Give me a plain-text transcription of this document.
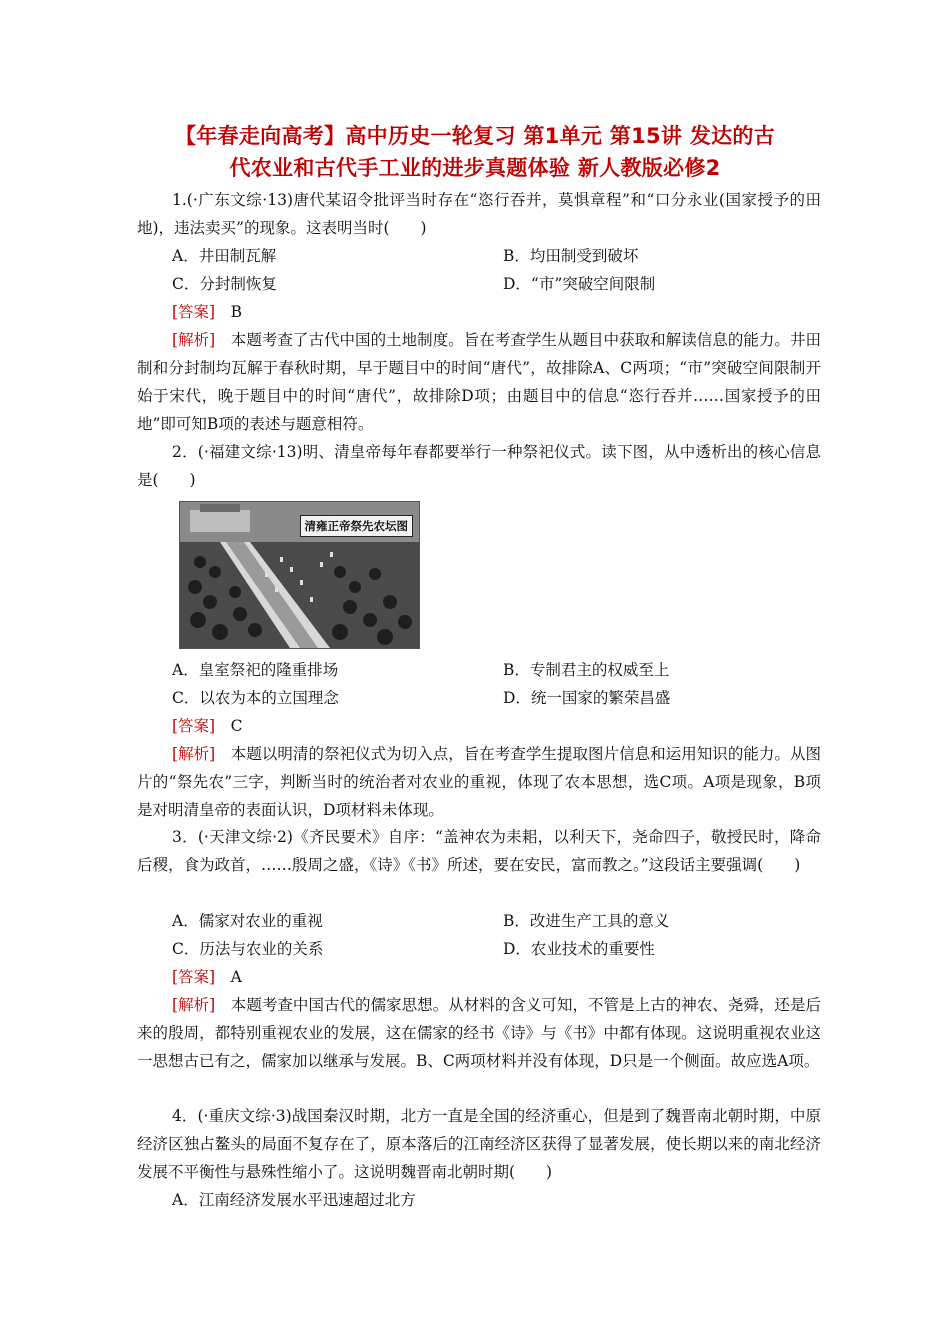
【年春走向高考】高中历史一轮复习 第1单元 第15讲 发达的古
代农业和古代手工业的进步真题体验 新人教版必修2
1.(·广东文综·13)唐代某诏令批评当时存在“恣行吞并，莫惧章程”和“口分永业(国家授予的田地)，违法卖买”的现象。这表明当时(　　)
A．井田制瓦解	B．均田制受到破坏
C．分封制恢复	D．“市”突破空间限制
[答案]　 B
[解析]　 本题考查了古代中国的土地制度。旨在考查学生从题目中获取和解读信息的能力。井田制和分封制均瓦解于春秋时期，早于题目中的时间“唐代”，故排除A、C两项；“市”突破空间限制开始于宋代，晚于题目中的时间“唐代”，故排除D项；由题目中的信息“恣行吞并……国家授予的田地”即可知B项的表述与题意相符。
2．(·福建文综·13)明、清皇帝每年春都要举行一种祭祀仪式。读下图，从中透析出的核心信息是(　　)
清雍正帝祭先农坛图
A．皇室祭祀的隆重排场	B．专制君主的权威至上
C．以农为本的立国理念	D．统一国家的繁荣昌盛
[答案]　 C
[解析]　 本题以明清的祭祀仪式为切入点，旨在考查学生提取图片信息和运用知识的能力。从图片的“祭先农”三字，判断当时的统治者对农业的重视，体现了农本思想，选C项。A项是现象，B项是对明清皇帝的表面认识，D项材料未体现。
3．(·天津文综·2)《齐民要术》自序：“盖神农为耒耜，以利天下，尧命四子，敬授民时，降命后稷，食为政首，……殷周之盛，《诗》《书》所述，要在安民，富而教之。”这段话主要强调(　　)
A．儒家对农业的重视	B．改进生产工具的意义
C．历法与农业的关系	D．农业技术的重要性
[答案]　 A
[解析]　 本题考查中国古代的儒家思想。从材料的含义可知，不管是上古的神农、尧舜，还是后来的殷周，都特别重视农业的发展，这在儒家的经书《诗》与《书》中都有体现。这说明重视农业这一思想古已有之，儒家加以继承与发展。B、C两项材料并没有体现，D只是一个侧面。故应选A项。
4．(·重庆文综·3)战国秦汉时期，北方一直是全国的经济重心，但是到了魏晋南北朝时期，中原经济区独占鳌头的局面不复存在了，原本落后的江南经济区获得了显著发展，使长期以来的南北经济发展不平衡性与悬殊性缩小了。这说明魏晋南北朝时期(　　)
A．江南经济发展水平迅速超过北方
